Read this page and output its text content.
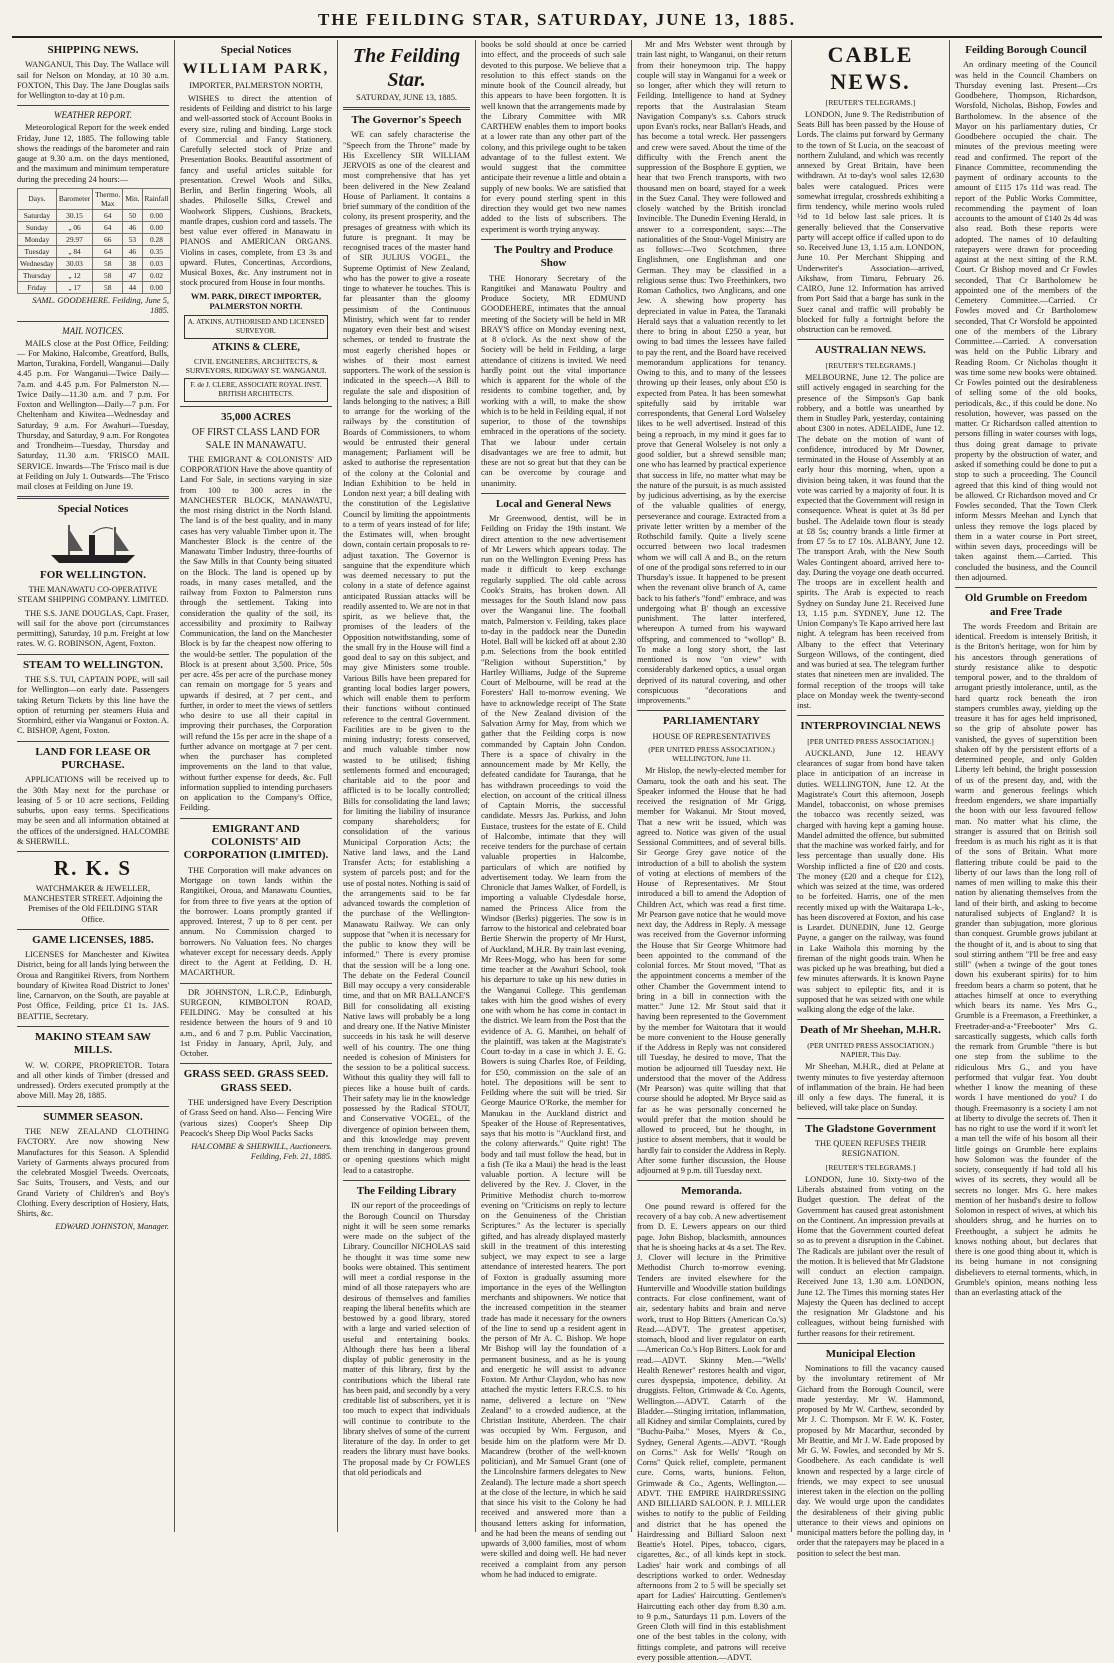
THE FEILDING STAR, SATURDAY, JUNE 13, 1885.
SHIPPING NEWS.

WANGANUI, This Day. The Wallace will sail for Nelson on Monday, at 10 30 a.m. FOXTON, This Day. The Jane Douglas sails for Wellington to-day at 10 p.m.

WEATHER REPORT.

Meteorological Report for the week ended Friday, June 12, 1885. The following table shows the readings of the barometer and rain gauge at 9.30 a.m. on the days mentioned, and the maximum and minimum temperature during the preceding 24 hours:—

Days.	Barometer	Thermo. Max	Min.	Rainfall
Saturday	30.15	64	50	0.00
Sunday	„ 06	64	46	0.00
Monday	29.97	66	53	0.28
Tuesday	„ 84	64	46	0.35
Wednesday	30.03	58	38	0.03
Thursday	„ 12	58	47	0.02
Friday	„ 17	58	44	0.00

SAML. GOODEHERE. Feilding, June 5, 1885.

MAIL NOTICES.

MAILS close at the Post Office, Feilding:— For Makino, Halcombe, Greatford, Bulls, Marton, Turakina, Fordell, Wanganui—Daily 4.45 p.m. For Wanganui—Twice Daily—7a.m. and 4.45 p.m. For Palmerston N.—Twice Daily—11.30 a.m. and 7 p.m. For Foxton and Wellington—Daily—7 p.m. For Cheltenham and Kiwitea—Wednesday and Saturday, 9 a.m. For Awahuri—Tuesday, Thursday, and Saturday, 9 a.m. For Rongotea and Trondheim—Tuesday, Thursday and Saturday, 11.30 a.m. 'FRISCO MAIL SERVICE. Inwards—The 'Frisco mail is due at Feilding on July 1. Outwards—The 'Frisco mail closes at Feilding on June 19.

Special Notices
FOR WELLINGTON.

THE MANAWATU CO-OPERATIVE STEAM SHIPPING COMPANY. LIMITED.

THE S.S. JANE DOUGLAS, Capt. Fraser, will sail for the above port (circumstances permitting), Saturday, 10 p.m. Freight at low rates. W. G. ROBINSON, Agent, Foxton.

STEAM TO WELLINGTON.

THE S.S. TUI, CAPTAIN POPE, will sail for Wellington—on early date. Passengers taking Return Tickets by this line have the option of returning per steamers Huia and Stormbird, either via Wanganui or Foxton. A. C. BISHOP, Agent, Foxton.

LAND FOR LEASE OR PURCHASE.

APPLICATIONS will be received up to the 30th May next for the purchase or leasing of 5 or 10 acre sections, Feilding suburbs, upon easy terms. Specifications may be seen and all information obtained at the offices of the undersigned. HALCOMBE & SHERWILL.

R. K. S

WATCHMAKER & JEWELLER, MANCHESTER STREET. Adjoining the Premises of the Old FEILDING STAR Office.

GAME LICENSES, 1885.

LICENSES for Manchester and Kiwitea District, being for all lands lying between the Oroua and Rangitikei Rivers, from Northern boundary of Kiwitea Road District to Jones' line, Carnarvon, on the South, are payable at Post Office, Feilding, price £1 1s. JAS. BEATTIE, Secretary.

MAKINO STEAM SAW MILLS.

W. W. CORPE, PROPRIETOR. Totara and all other kinds of Timber (dressed and undressed). Orders executed promptly at the above Mill. May 28, 1885.

SUMMER SEASON.

THE NEW ZEALAND CLOTHING FACTORY. Are now showing New Manufactures for this Season. A Splendid Variety of Garments always procured from the celebrated Mosgiel Tweeds. Overcoats, Sac Suits, Trousers, and Vests, and our Grand Variety of Children's and Boy's Clothing. Every description of Hosiery, Hats, Shirts, &c.

EDWARD JOHNSTON, Manager.

Special Notices
WILLIAM PARK,

IMPORTER, PALMERSTON NORTH,

WISHES to direct the attention of residents of Feilding and district to his large and well-assorted stock of Account Books in every size, ruling and binding. Large stock of Commercial and Fancy Stationery. Carefully selected stock of Prize and Presentation Books. Beautiful assortment of fancy and useful articles suitable for presentation. Crewel Wools and Silks, Berlin, and Berlin fingering Wools, all shades. Philoselle Silks, Crewel and Woolwork Slippers, Cushions, Brackets, mantle drapes, cushion cord and tassels. The best value ever offered in Manawatu in PIANOS and AMERICAN ORGANS. Violins in cases, complete, from £3 3s and upward. Flutes, Concertinas, Accordions, Musical Boxes, &c. Any instrument not in stock procured from House in four months.

WM. PARK, DIRECT IMPORTER, PALMERSTON NORTH.

A. ATKINS, AUTHORISED AND LICENSED SURVEYOR.

ATKINS & CLERE,

CIVIL ENGINEERS, ARCHITECTS, & SURVEYORS, RIDGWAY ST. WANGANUI.

F. de J. CLERE, ASSOCIATE ROYAL INST. BRITISH ARCHITECTS.
35,000 ACRES

OF FIRST CLASS LAND FOR SALE IN MANAWATU.

THE EMIGRANT & COLONISTS' AID CORPORATION Have the above quantity of Land For Sale, in sections varying in size from 100 to 300 acres in the MANCHESTER BLOCK, MANAWATU, the most rising district in the North Island. The land is of the best quality, and in many cases has very valuable Timber upon it. The Manchester Block is the centre of the Manawatu Timber Industry, three-fourths of the Saw Mills in that County being situated on the Block. The land is opened up by roads, in many cases metalled, and the railway from Foxton to Palmerston runs through the settlement. Taking into consideration the quality of the soil, its accessibility and proximity to Railway Communication, the land on the Manchester Block is by far the cheapest now offering to the would-be settler. The population of the Block is at present about 3,500. Price, 50s per acre. 45s per acre of the purchase money can remain on mortgage for 5 years and upwards if desired, at 7 per cent., and further, in order to meet the views of settlers who desire to use all their capital in improving their purchases, the Corporation will refund the 15s per acre in the shape of a further advance on mortgage at 7 per cent. when the purchaser has completed improvements on the land to that value, without further expense for deeds, &c. Full information supplied to intending purchasers on application to the Company's Office, Feilding.

EMIGRANT AND COLONISTS' AID CORPORATION (LIMITED).

THE Corporation will make advances on Mortgage on town lands within the Rangitikei, Oroua, and Manawatu Counties, for from three to five years at the option of the borrower. Loans promptly granted if approved. Interest, 7 up to 8 per cent. per annum. No Commission charged to borrowers. No Valuation fees. No charges whatever except for necessary deeds. Apply direct to the Agent at Feilding, D. H. MACARTHUR.

DR JOHNSTON, L.R.C.P., Edinburgh, SURGEON, KIMBOLTON ROAD, FEILDING. May be consulted at his residence between the hours of 9 and 10 a.m., and 6 and 7 p.m. Public Vaccination, 1st Friday in January, April, July, and October.

GRASS SEED. GRASS SEED. GRASS SEED.

THE undersigned have Every Description of Grass Seed on hand. Also— Fencing Wire (various sizes) Cooper's Sheep Dip Peacock's Sheep Dip Wool Packs Sacks

HALCOMBE & SHERWILL, Auctioneers. Feilding, Feb. 21, 1885.

The Feilding Star.

SATURDAY, JUNE 13, 1885.

The Governor's Speech

WE can safely characterise the "Speech from the Throne" made by His Excellency SIR WILLIAM JERVOIS as one of the clearest and most comprehensive that has yet been delivered in the New Zealand House of Parliament. It contains a brief summary of the condition of the colony, its present prosperity, and the presages of greatness with which its future is pregnant. It may be recognised traces of the master hand of SIR JULIUS VOGEL, the Supreme Optimist of New Zealand, who has the power to give a roseate tinge to whatever he touches. This is far pleasanter than the gloomy pessimism of the Continuous Ministry, which went far to render nugatory even their best and wisest schemes, or tended to frustrate the most eagerly cherished hopes or wishes of their most earnest supporters. The work of the session is indicated in the speech—A Bill to regulate the sale and disposition of lands belonging to the natives; a Bill to arrange for the working of the railways by the constitution of Boards of Commissioners, to whom would be entrusted their general management; Parliament will be asked to authorise the representation of the colony at the Colonial and Indian Exhibition to be held in London next year; a bill dealing with the constitution of the Legislative Council by limiting the appointments to a term of years instead of for life; the Estimates will, when brought down, contain certain proposals to re-adjust taxation. The Governor is sanguine that the expenditure which was deemed necessary to put the colony in a state of defence against anticipated Russian attacks will be readily assented to. We are not in that spirit, as we believe that, the promises of the leaders of the Opposition notwithstanding, some of the small fry in the House will find a good deal to say on this subject, and may give Ministers some trouble. Various Bills have been prepared for granting local bodies larger powers, which will enable them to perform their functions without continued reference to the central Government. Facilities are to be given to the mining industry; forests conserved, and much valuable timber now wasted to be utilised; fishing settlements formed and encouraged; charitable aid to the poor and afflicted is to be locally controlled; Bills for consolidating the land laws; for limiting the liability of insurance company shareholders; for consolidation of the various Municipal Corporation Acts; the Native land laws, and the Land Transfer Acts; for establishing a system of parcels post; and for the use of postal notes. Nothing is said of the arrangements said to be far advanced towards the completion of the purchase of the Wellington-Manawatu Railway. We can only suppose that "when it is necessary for the public to know they will be informed." There is every promise that the session will be a long one. The debate on the Federal Council Bill may occupy a very considerable time, and that on MR BALLANCE'S Bill for consolidating all existing Native laws will probably be a long and dreary one. If the Native Minister succeeds in his task he will deserve well of his country. The one thing needed is cohesion of Ministers for the session to be a political success. Without this quality they will fall to pieces like a house built of cards. Their safety may lie in the knowledge possessed by the Radical STOUT, and Conservative VOGEL, of the divergence of opinion between them, and this knowledge may prevent them trenching in dangerous ground or opening questions which might lead to a catastrophe.

The Feilding Library

IN our report of the proceedings of the Borough Council on Thursday night it will be seen some remarks were made on the subject of the Library. Councillor NICHOLAS said he thought it was time some new books were obtained. This sentiment will meet a cordial response in the mind of all those ratepayers who are desirous of themselves and families reaping the liberal benefits which are bestowed by a good library, stored with a large and varied selection of useful and entertaining books. Although there has been a liberal display of public generosity in the matter of this library, first by the contributions which the liberal rate has been paid, and secondly by a very creditable list of subscribers, yet it is too much to expect that individuals will continue to contribute to the library shelves of some of the current literature of the day. In order to get readers the library must have books. The proposal made by Cr FOWLES that old periodicals and

books be sold should at once be carried into effect, and the proceeds of such sale devoted to this purpose. We believe that a resolution to this effect stands on the minute book of the Council already, but this appears to have been forgotten. It is well known that the arrangements made by the Library Committee with MR CARTHEW enables them to import books at a lower rate than any other part of the colony, and this privilege ought to be taken advantage of to the fullest extent. We would suggest that the committee anticipate their revenue a little and obtain a supply of new books. We are satisfied that for every pound sterling spent in this direction they would get two new names added to the lists of subscribers. The experiment is worth trying anyway.

The Poultry and Produce Show

THE Honorary Secretary of the Rangitikei and Manawatu Poultry and Produce Society, MR EDMUND GOODEHERE, intimates that the annual meeting of the Society will be held in MR BRAY'S office on Monday evening next, at 8 o'clock. As the next show of the Society will be held in Feilding, a large attendance of citizens is invited. We need hardly point out the vital importance which is apparent for the whole of the residents to combine together, and, by working with a will, to make the show which is to be held in Feilding equal, if not superior, to those of the townships embraced in the operations of the society. That we labour under certain disadvantages we are free to admit, but these are not so great but that they can be can be overcome by courage and unanimity.

Local and General News

Mr Greenwood, dentist, will be in Feilding on Friday the 19th instant. We direct attention to the new advertisement of Mr Lewers which appears today. The run on the Wellington Evening Press has made it difficult to keep exchange regularly supplied. The old cable across Cook's Straits, has broken down. All messages for the South Island now pass over the Wanganui line. The football match, Palmerston v. Feilding, takes place to-day in the paddock near the Dunedin Hotel. Ball will be kicked off at about 2.30 p.m. Selections from the book entitled "Religion without Superstition," by Hartley Williams, Judge of the Supreme Court of Melbourne, will be read at the Foresters' Hall to-morrow evening. We have to acknowledge receipt of The State of the New Zealand division of the Salvation Army for May, from which we gather that the Feilding corps is now commanded by Captain John Condon. There is a space of chivalry in the announcement made by Mr Kelly, the defeated candidate for Tauranga, that he has withdrawn proceedings to void the election, on account of the critical illness of Captain Morris, the successful candidate. Messrs Jas. Purkiss, and John Eustace, trustees for the estate of E. Child of Halcombe, intimate that they will receive tenders for the purchase of certain valuable properties in Halcombe, particulars of which are notified by advertisement today. We learn from the Chronicle that James Walker, of Fordell, is importing a valuable Clydesdale horse, named the Princess Alice from the Windsor (Berks) piggeries. The sow is in farrow to the historical and celebrated boar Bertie Sherwin the property of Mr Hurst, of Auckland, M.H.R. By train last evening, Mr Rees-Mogg, who has been for some time teacher at the Awahuri School, took his departure to take up his new duties in the Wanganui College. This gentleman takes with him the good wishes of every one with whom he has come in contact in the district. We learn from the Post that the evidence of A. G. Manthei, on behalf of the plaintiff, was taken at the Magistrate's Court to-day in a case in which J. E. G. Bowers is suing Charles Roe, of Feilding, for £50, commission on the sale of an hotel. The depositions will be sent to Feilding where the suit will be tried. Sir George Maurice O'Rorke, the member for Manukau in the Auckland district and Speaker of the House of Representatives, says that his motto is "Auckland first, and the colony afterwards." Quite right! The body and tail must follow the head, but in a fish (Te ika a Maui) the head is the least valuable portion. A lecture will be delivered by the Rev. J. Clover, in the Primitive Methodist church to-morrow evening on "Criticisms on reply to lecture on the Genuineness of the Christian Scriptures." As the lecturer is specially gifted, and has already displayed masterly skill in the treatment of this interesting subject, we may expect to see a large attendance of interested hearers. The port of Foxton is gradually assuming more importance in the eyes of the Wellington merchants and shipowners. We notice that the increased competition in the steamer trade has made it necessary for the owners of the line to send up a resident agent in the person of Mr A. C. Bishop. We hope Mr Bishop will lay the foundation of a permanent business, and as he is young and energetic he will assist to advance Foxton. Mr Arthur Claydon, who has now attached the mystic letters F.R.C.S. to his name, delivered a lecture on "New Zealand" to a crowded audience, at the Christian Institute, Aberdeen. The chair was occupied by Wm. Ferguson, and beside him on the platform were Mr D. Macandrew (brother of the well-known politician), and Mr Samuel Grant (one of the Lincolnshire farmers delegates to New Zealand). The lecture made a short speech at the close of the lecture, in which he said that since his visit to the Colony he had received and answered more than a thousand letters asking for information, and he had been the means of sending out upwards of 3,000 families, most of whom were skilled and doing well. He had never received a complaint from any person whom he had induced to emigrate.

Mr and Mrs Webster went through by train last night, to Wanganui, on their return from their honeymoon trip. The happy couple will stay in Wanganui for a week or so longer, after which they will return to Feilding. Intelligence to hand at Sydney reports that the Australasian Steam Navigation Company's s.s. Cahors struck upon Evan's rocks, near Ballan's Heads, and has become a total wreck. Her passengers and crew were saved. About the time of the difficulty with the French anent the suppression of the Bosphore E gyptien, we hear that two French transports, with two thousand men on board, stayed for a week in the Suez Canal. They were followed and closely watched by the British ironclad Invincible. The Dunedin Evening Herald, in answer to a correspondent, says:—The nationalities of the Stout-Vogel Ministry are as follows:—Two Scotchmen, three Englishmen, one Englishman and one German. They may be classified in a religious sense thus: Two Freethinkers, two Roman Catholics, two Anglicans, and one Jew. A shewing how property has depreciated in value in Patea, the Taranaki Herald says that a valuation recently to let there to bring in about £250 a year, but owing to bad times the lessees have failed to pay the rent, and the Board have received memorandum applications for tenancy. Owing to this, and to many of the lessees throwing up their leases, only about £50 is expected from Patea. It has been somewhat spitefully said by irritable war correspondents, that General Lord Wolseley likes to be well advertised. Instead of this being a reproach, in my mind it goes far to prove that General Wolseley is not only a good soldier, but a shrewd sensible man; one who has learned by practical experience that success in life, no matter what may be the nature of the pursuit, is as much assisted by judicious advertising, as by the exercise of the valuable qualities of energy, perseverance and courage. Extracted from a private letter written by a member of the Rothschild family. Quite a lively scene occurred between two local tradesmen whom we will call A and B., on the return of one of the prodigal sons referred to in our Thursday's issue. It happened to be present when the revenant olive branch of A, came back to his father's "fond" embrace, and was undergoing what B' though an excessive punishment. The latter interfered, whereupon A turned from his wayward offspring, and commenced to "wollop" B. To make a long story short, the last mentioned is now "on view" with considerably darkened optics, a usual organ deprived of its natural covering, and other conspicuous "decorations and improvements."

PARLIAMENTARY

HOUSE OF REPRESENTATIVES

(PER UNITED PRESS ASSOCIATION.) WELLINGTON, June 11.

Mr Hislop, the newly-elected member for Oamaru, took the oath and his seat. The Speaker informed the House that he had received the resignation of Mr Grigg, member for Wakanui. Mr Stout moved, That a new writ be issued, which was agreed to. Notice was given of the usual Sessional Committees, and of several bills. Sir George Grey gave notice of the introduction of a bill to abolish the system of voting at elections of members of the House of Representatives. Mr Stout introduced a bill to amend the Adoption of Children Act, which was read a first time. Mr Pearson gave notice that he would move next day, the Address in Reply. A message was received from the Governor informing the House that Sir George Whitmore had been appointed to the command of the colonial forces. Mr Stout moved, "That as the appointment concerns a member of the other Chamber the Government intend to bring in a bill in connection with the matter." June 12. Mr Stout said that it having been represented to the Government by the member for Waitotara that it would be more convenient to the House generally if the Address in Reply was not considered till Tuesday, he desired to move, That the motion be adjourned till Tuesday next. He understood that the mover of the Address (Mr Pearson) was quite willing that that course should be adopted. Mr Bryce said as far as he was personally concerned he would prefer that the motion should be allowed to proceed, but he thought, in justice to absent members, that it would be hardly fair to consider the Address in Reply. After some further discussion, the House adjourned at 9 p.m. till Tuesday next.

Memoranda.

One pound reward is offered for the recovery of a bay cob. A new advertisement from D. E. Lewers appears on our third page. John Bishop, blacksmith, announces that he is shoeing hacks at 4s a set. The Rev. J. Clover will lecture in the Primitive Methodist Church to-morrow evening. Tenders are invited elsewhere for the Hunterville and Woodville station buildings contracts. For close confinement, want of air, sedentary habits and brain and nerve work, trust to Hop Bitters (American Co.'s) Read.—ADVT. The greatest appetiser, stomach, blood and liver regulator on earth—American Co.'s Hop Bitters. Look for and read.—ADVT. Skinny Men.—"Wells' Health Renewer" restores health and vigor, cures dyspepsia, impotence, debility. At druggists. Felton, Grimwade & Co. Agents, Wellington.—ADVT. Catarrh of the Bladder.—Stinging irritation, inflammation, all Kidney and similar Complaints, cured by "Buchu-Paiba." Moses, Myers & Co., Sydney, General Agents.—ADVT. "Rough on Corns." Ask for Wells' "Rough on Corns" Quick relief, complete, permanent cure. Corns, warts, bunions. Felton, Grimwade & Co., Agents, Wellington.—ADVT. THE EMPIRE HAIRDRESSING AND BILLIARD SALOON. P. J. MILLER wishes to notify to the public of Feilding and district that he has opened the Hairdressing and Billiard Saloon next Beattie's Hotel. Pipes, tobacco, cigars, cigarettes, &c., of all kinds kept in stock. Ladies' hair work and combings of all descriptions worked to order. Wednesday afternoons from 2 to 5 will be specially set apart for Ladies' Haircutting. Gentlemen's Haircutting each other day from 8.30 a.m. to 9 p.m., Saturdays 11 p.m. Lovers of the Green Cloth will find in this establishment one of the best tables in the colony, with fittings complete, and patrons will receive every possible attention.—ADVT.

CABLE NEWS.

[REUTER'S TELEGRAMS.]

LONDON, June 9. The Redistribution of Seats Bill has been passed by the House of Lords. The claims put forward by Germany to the town of St Lucia, on the seacoast of northern Zululand, and which was recently annexed by Great Britain, have been withdrawn. At to-day's wool sales 12,630 bales were catalogued. Prices were somewhat irregular, crossbreds exhibiting a firm tendency, while merino wools ruled ½d to 1d below last sale prices. It is generally believed that the Conservative party will accept office if called upon to do so. Received June 13, 1.15 a.m. LONDON, June 10. Per Merchant Shipping and Underwriter's Association—arrived, Aikshaw, from Timaru, February 26. CAIRO, June 12. Information has arrived from Port Said that a barge has sunk in the Suez canal and traffic will probably be blocked for fully a fortnight before the obstruction can be removed.

AUSTRALIAN NEWS.

[REUTER'S TELEGRAMS.]

MELBOURNE, June 12. The police are still actively engaged in searching for the presence of the Simpson's Gap bank robbery, and a bottle was unearthed by them in Studley Park, yesterday, containing about £300 in notes. ADELAIDE, June 12. The debate on the motion of want of confidence, introduced by Mr Downer, terminated in the House of Assembly at an early hour this morning, when, upon a division being taken, it was found that the vote was carried by a majority of four. It is expected that the Government will resign in consequence. Wheat is quiet at 3s 8d per bushel. The Adelaide town flour is steady at £8 5s; country brands a little firmer at from £7 5s to £7 10s. ALBANY, June 12. The transport Arab, with the New South Wales Contingent aboard, arrived here to-day. During the voyage one death occurred. The troops are in excellent health and spirits. The Arab is expected to reach Sydney on Sunday June 21. Received June 13, 1.15 p.m. SYDNEY, June 12. The Union Company's Te Kapo arrived here last night. A telegram has been received from Albany to the effect that Veterinary Surgeon Willows, of the contingent, died and was buried at sea. The telegram further states that nineteen men are invalided. The formal reception of the troops will take place on Monday week the twenty-second inst.

INTERPROVINCIAL NEWS

[PER UNITED PRESS ASSOCIATION.]

AUCKLAND, June 12. HEAVY clearances of sugar from bond have taken place in anticipation of an increase in duties. WELLINGTON, June 12. At the Magistrate's Court this afternoon, Joseph Mandel, tobacconist, on whose premises the tobacco was recently seized, was charged with having kept a gaming house. Mandel admitted the offence, but submitted that the machine was worked fairly, and for less percentage than usually done. His Worship inflicted a fine of £20 and costs. The money (£20 and a cheque for £12), which was seized at the time, was ordered to be forfeited. Harris, one of the men recently mixed up with the Waitarapa L-k-, has been discovered at Foxton, and his case is Leardet. DUNEDIN, June 12. George Payne, a ganger on the railway, was found in Lake Waihola this morning by the fireman of the night goods train. When he was picked up he was breathing, but died a few minutes afterwards. It is known Payne was subject to epileptic fits, and it is supposed that he was seized with one while walking along the edge of the lake.

Death of Mr Sheehan, M.H.R.

(PER UNITED PRESS ASSOCIATION.) NAPIER, This Day.

Mr Sheehan, M.H.R., died at Pelane at twenty minutes to five yesterday afternoon of inflammation of the brain. He had been ill only a few days. The funeral, it is believed, will take place on Sunday.

The Gladstone Government

THE QUEEN REFUSES THEIR RESIGNATION.

[REUTER'S TELEGRAMS.]

LONDON, June 10. Sixty-two of the Liberals abstained from voting on the Budget question. The defeat of the Government has caused great astonishment on the Continent. An impression prevails at Home that the Government courted defeat so as to prevent a disruption in the Cabinet. The Radicals are jubilant over the result of the motion. It is believed that Mr Gladstone will conduct an election campaign. Received June 13, 1.30 a.m. LONDON, June 12. The Times this morning states Her Majesty the Queen has declined to accept the resignation Mr Gladstone and his colleagues, without being furnished with further reasons for their retirement.

Municipal Election

Nominations to fill the vacancy caused by the involuntary retirement of Mr Gichard from the Borough Council, were made yesterday. Mr W. Hammond, proposed by Mr W. Carthew, seconded by Mr J. C. Thompson. Mr F. W. K. Foster, proposed by Mr Macarthur, seconded by Mr Beattie, and Mr J. W. Eade proposed by Mr G. W. Fowles, and seconded by Mr S. Goodbehere. As each candidate is well known and respected by a large circle of friends, we may expect to see unusual interest taken in the election on the polling day. We would urge upon the candidates the desirableness of their giving public utterance to their views and opinions on municipal matters before the polling day, in order that the ratepayers may be placed in a position to select the best man.

Feilding Borough Council

An ordinary meeting of the Council was held in the Council Chambers on Thursday evening last. Present—Crs Goodbehere, Thompson, Richardson, Worsfold, Nicholas, Bishop, Fowles and Bartholomew. In the absence of the Mayor on his parliamentary duties, Cr Goodbehere occupied the chair. The minutes of the previous meeting were read and confirmed. The report of the Finance Committee, recommending the payment of ordinary accounts to the amount of £115 17s 11d was read. The report of the Public Works Committee, recommending the payment of loan accounts to the amount of £140 2s 4d was also read. Both these reports were adopted. The names of 10 defaulting ratepayers were drawn for proceeding against at the next sitting of the R.M. Court. Cr Bishop moved and Cr Fowles seconded, That Cr Bartholomew be appointed one of the members of the Cemetery Committee.—Carried. Cr Fowles moved and Cr Bartholomew seconded, That Cr Worsfold be appointed one of the members of the Library Committee.—Carried. A conversation was held on the Public Library and Reading Room. Cr Nicholas thought it was time some new books were obtained. Cr Fowles pointed out the desirableness of selling some of the old books, periodicals, &c., if this could be done. No resolution, however, was passed on the matter. Cr Richardson called attention to persons filling in water courses with logs, thus doing great damage to private property by the obstruction of water, and asked if something could be done to put a stop to such a proceeding. The Council agreed that this kind of thing would not be allowed. Cr Richardson moved and Cr Fowles seconded, That the Town Clerk inform Messrs Meehan and Lynch that unless they remove the logs placed by them in a water course in Port street, within seven days, proceedings will be taken against them.—Carried. This concluded the business, and the Council then adjourned.

Old Grumble on Freedom and Free Trade

The words Freedom and Britain are identical. Freedom is intensely British, it is the Briton's heritage, won for him by his ancestors through generations of sturdy resistance alike to despotic temporal power, and to the thraldom of arrogant priestly intolerance, until, as the hard quartz rock beneath the iron stampers crumbles away, yielding up the treasure it has for ages held imprisoned, so the grip of absolute power has vanished, the gyves of superstition been shaken off by the persistent efforts of a determined people, and only Golden Liberty left behind, the bright possession of us of the present day, and, with the warm and generous feelings which freedom engenders, we share impartially the boon with our less favoured fellow man. No matter what his clime, the stranger is assured that on British soil freedom is as much his right as it is that of the sons of Britain. What more flattering tribute could be paid to the liberty of our laws than the long roll of names of men willing to make this their nation by alienating themselves from the land of their birth, and asking to become naturalised subjects of England? It is grander than subjugation, more glorious than conquest. Grumble grows jubilant at the thought of it, and is about to sing that soul stirring anthem "I'll be free and easy still" (when a twinge of the gout tones down his exuberant spirits) for to him freedom bears a charm so potent, that he attaches himself at once to everything which bears its name. Yes Mrs G., Grumble is a Freemason, a Freethinker, a Freetrader-and-a-"Freebooter" Mrs G. sarcastically suggests, which calls forth the remark from Grumble "there is but one step from the sublime to the ridiculous Mrs G., and you have performed that vulgar feat. You doubt whether I know the meaning of these words I have mentioned do you? I do though. Freemasonry is a society I am not at liberty to divulge the secrets of. Then it has no right to use the word if it won't let a man tell the wife of his bosom all their little goings on Grumble here explains how Solomon was the founder of the society, consequently if had told all his wives of its secrets, they would all be secrets no longer. Mrs G. here makes mention of her husband's desire to follow Solomon in respect of wives, at which his shoulders shrug, and he hurries on to Freethought, a subject he admits he knows nothing about, but declares that there is one good thing about it, which is its being humane in not consigning disbelievers to eternal torments, which, in Grumble's opinion, means nothing less than an everlasting attack of the
